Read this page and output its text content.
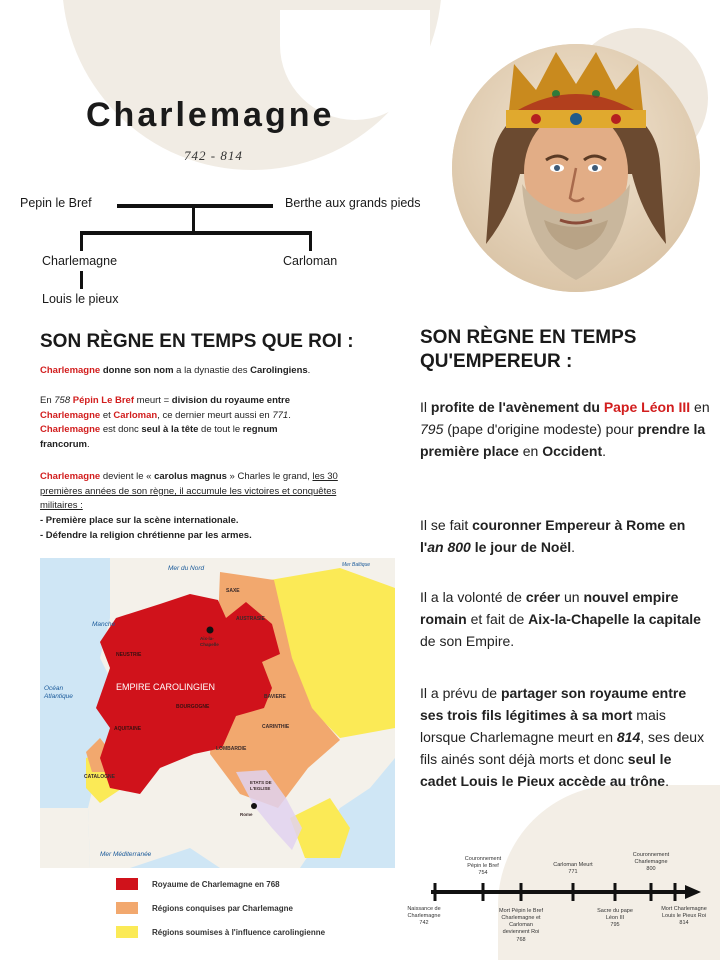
Charlemagne
742 - 814
Pepin le Bref	Berthe aux grands pieds
Charlemagne	Carloman
Louis le pieux
SON RÈGNE EN TEMPS QUE ROI :
Charlemagne donne son nom a la dynastie des Carolingiens.
En 758 Pépin Le Bref meurt = division du royaume entre
Charlemagne et Carloman, ce dernier meurt aussi en 771.
Charlemagne est donc seul à la tête de tout le regnum
francorum.
Charlemagne devient le « carolus magnus » Charles le grand, les 30 premières années de son règne, il accumule les victoires et conquêtes militaires :
- Première place sur la scène internationale.
- Défendre la religion chrétienne par les armes.
Mer du Nord	Mer Baltique
Manche
Océan
Atlantique
Mer Méditerranée
SAXE
AUSTRASIE
Aix-la-
Chapelle
NEUSTRIE
BOURGOGNE
AQUITAINE
BAVIERE
CARINTHIE
LOMBARDIE
CATALOGNE
ETATS DE
L'EGLISE
Rome
EMPIRE CAROLINGIEN
Royaume de Charlemagne en 768
Régions conquises par Charlemagne
Régions soumises à l'influence carolingienne
SON RÈGNE EN TEMPS
QU'EMPEREUR :
Il profite de l'avènement du Pape Léon III en 795 (pape d'origine modeste) pour prendre la première place en Occident.
Il se fait couronner Empereur à Rome en l'an 800 le jour de Noël.
Il a la volonté de créer un nouvel empire romain et fait de Aix-la-Chapelle la capitale de son Empire.
Il a prévu de partager son royaume entre ses trois fils légitimes à sa mort mais lorsque Charlemagne meurt en 814, ses deux fils ainés sont déjà morts et donc seul le cadet Louis le Pieux accède au trône.
Couronnement
Pépin le Bref
754
Carloman Meurt
771
Couronnement
Charlemagne
800
Naissance de
Charlemagne
742
Mort Pépin le Bref
Charlemagne et
Carloman
deviennent Roi
768
Sacre du pape
Léon III
795
Mort Charlemagne
Louis le Pieux Roi
814
